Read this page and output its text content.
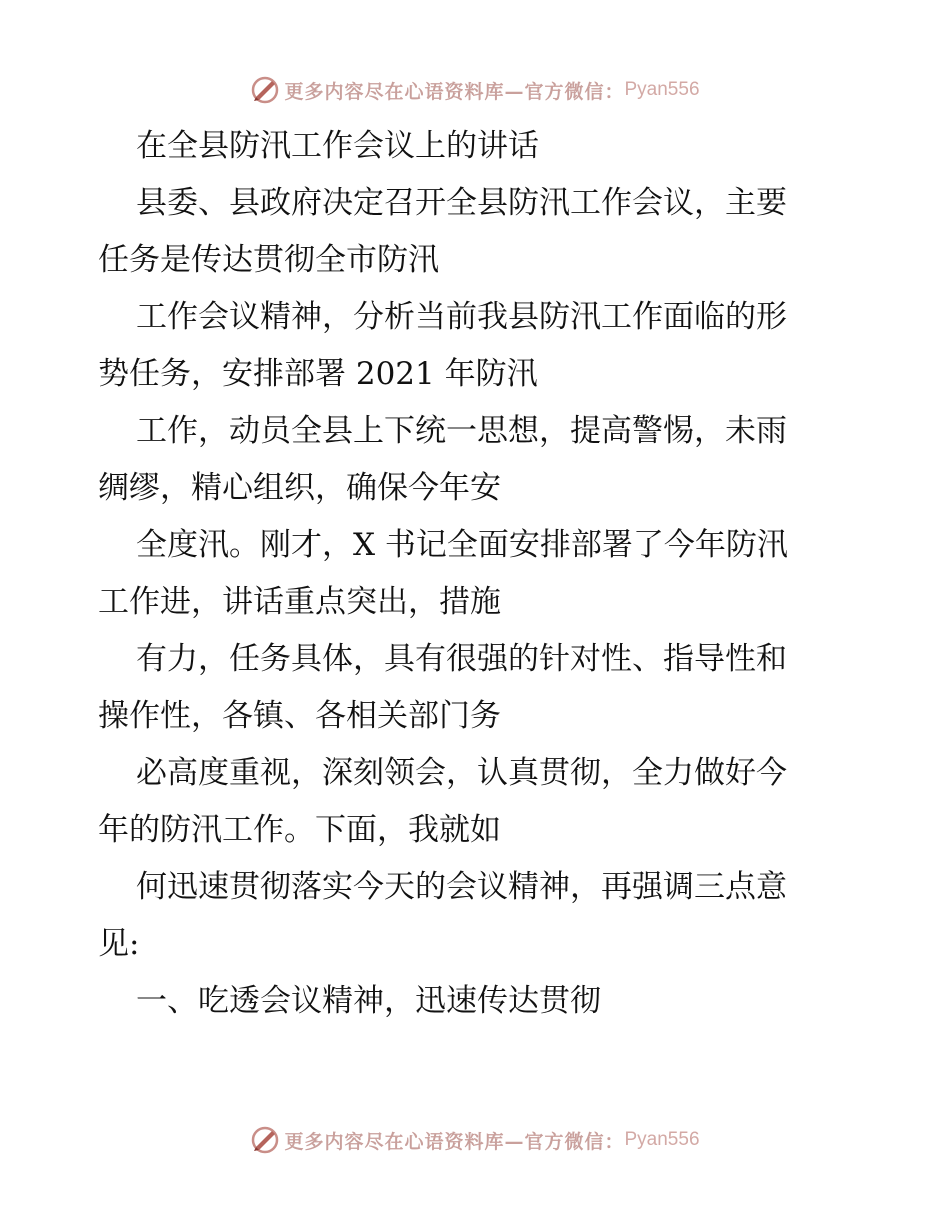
更多内容尽在心语资料库—官方微信： Pyan556

在全县防汛工作会议上的讲话

县委、县政府决定召开全县防汛工作会议，主要

任务是传达贯彻全市防汛

工作会议精神，分析当前我县防汛工作面临的形

势任务，安排部署 2021 年防汛

工作，动员全县上下统一思想，提高警惕，未雨

绸缪，精心组织，确保今年安

全度汛。刚才，X 书记全面安排部署了今年防汛

工作进，讲话重点突出，措施

有力，任务具体，具有很强的针对性、指导性和

操作性，各镇、各相关部门务

必高度重视，深刻领会，认真贯彻，全力做好今

年的防汛工作。下面，我就如

何迅速贯彻落实今天的会议精神，再强调三点意

见:

一、吃透会议精神，迅速传达贯彻

更多内容尽在心语资料库—官方微信： Pyan556
